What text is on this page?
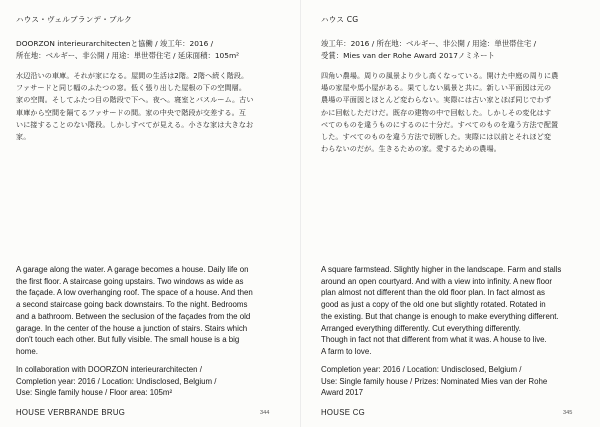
ハウス・ヴェルブランデ・ブルク
DOORZON interieurarchitectenと協働 / 竣工年：2016 /
所在地：ベルギー、非公開 / 用途：単世帯住宅 / 延床面積：105m²
水辺沿いの車庫。それが家になる。屋間の生活は2階。2階へ続く階段。
ファサードと同じ幅のふたつの窓。低く張り出した屋根の下の空間層。
家の空間。そしてふたつ目の階段で下へ。夜へ。寝室とバスルーム。古い
車庫から空間を隔てるファサードの間。家の中央で階段が交差する。互
いに接することのない階段。しかしすべてが見える。小さな家は大きなお
家。
A garage along the water. A garage becomes a house. Daily life on
the first floor. A staircase going upstairs. Two windows as wide as
the façade. A low overhanging roof. The space of a house. And then
a second staircase going back downstairs. To the night. Bedrooms
and a bathroom. Between the seclusion of the façades from the old
garage. In the center of the house a junction of stairs. Stairs which
don't touch each other. But fully visible. The small house is a big
home.
In collaboration with DOORZON interieurarchitecten /
Completion year: 2016 / Location: Undisclosed, Belgium /
Use: Single family house / Floor area: 105m²
HOUSE VERBRANDE BRUG	344
ハウス CG
竣工年：2016 / 所在地：ベルギー、非公開 / 用途：単世帯住宅 /
受賞：Mies van der Rohe Award 2017ノミネート
四角い農場。周りの風景より少し高くなっている。開けた中庭の周りに農
場の家屋や馬小屋がある。果てしない風景と共に。新しい平面図は元の
農場の平面図とほとんど変わらない。実際には古い家とほぼ同じでわず
かに回転しただけだ。既存の建物の中で回転した。しかしその変化はす
べてのものを違うものにするのに十分だ。すべてのものを違う方法で配置
した。すべてのものを違う方法で切断した。実際には以前とそれほど変
わらないのだが。生きるための家。愛するための農場。
A square farmstead. Slightly higher in the landscape. Farm and stalls
around an open courtyard. And with a view into infinity. A new floor
plan almost not different than the old floor plan. In fact almost as
good as just a copy of the old one but slightly rotated. Rotated in
the existing. But that change is enough to make everything different.
Arranged everything differently. Cut everything differently.
Though in fact not that different from what it was. A house to live.
A farm to love.
Completion year: 2016 / Location: Undisclosed, Belgium /
Use: Single family house / Prizes: Nominated Mies van der Rohe
Award 2017
HOUSE CG	345
